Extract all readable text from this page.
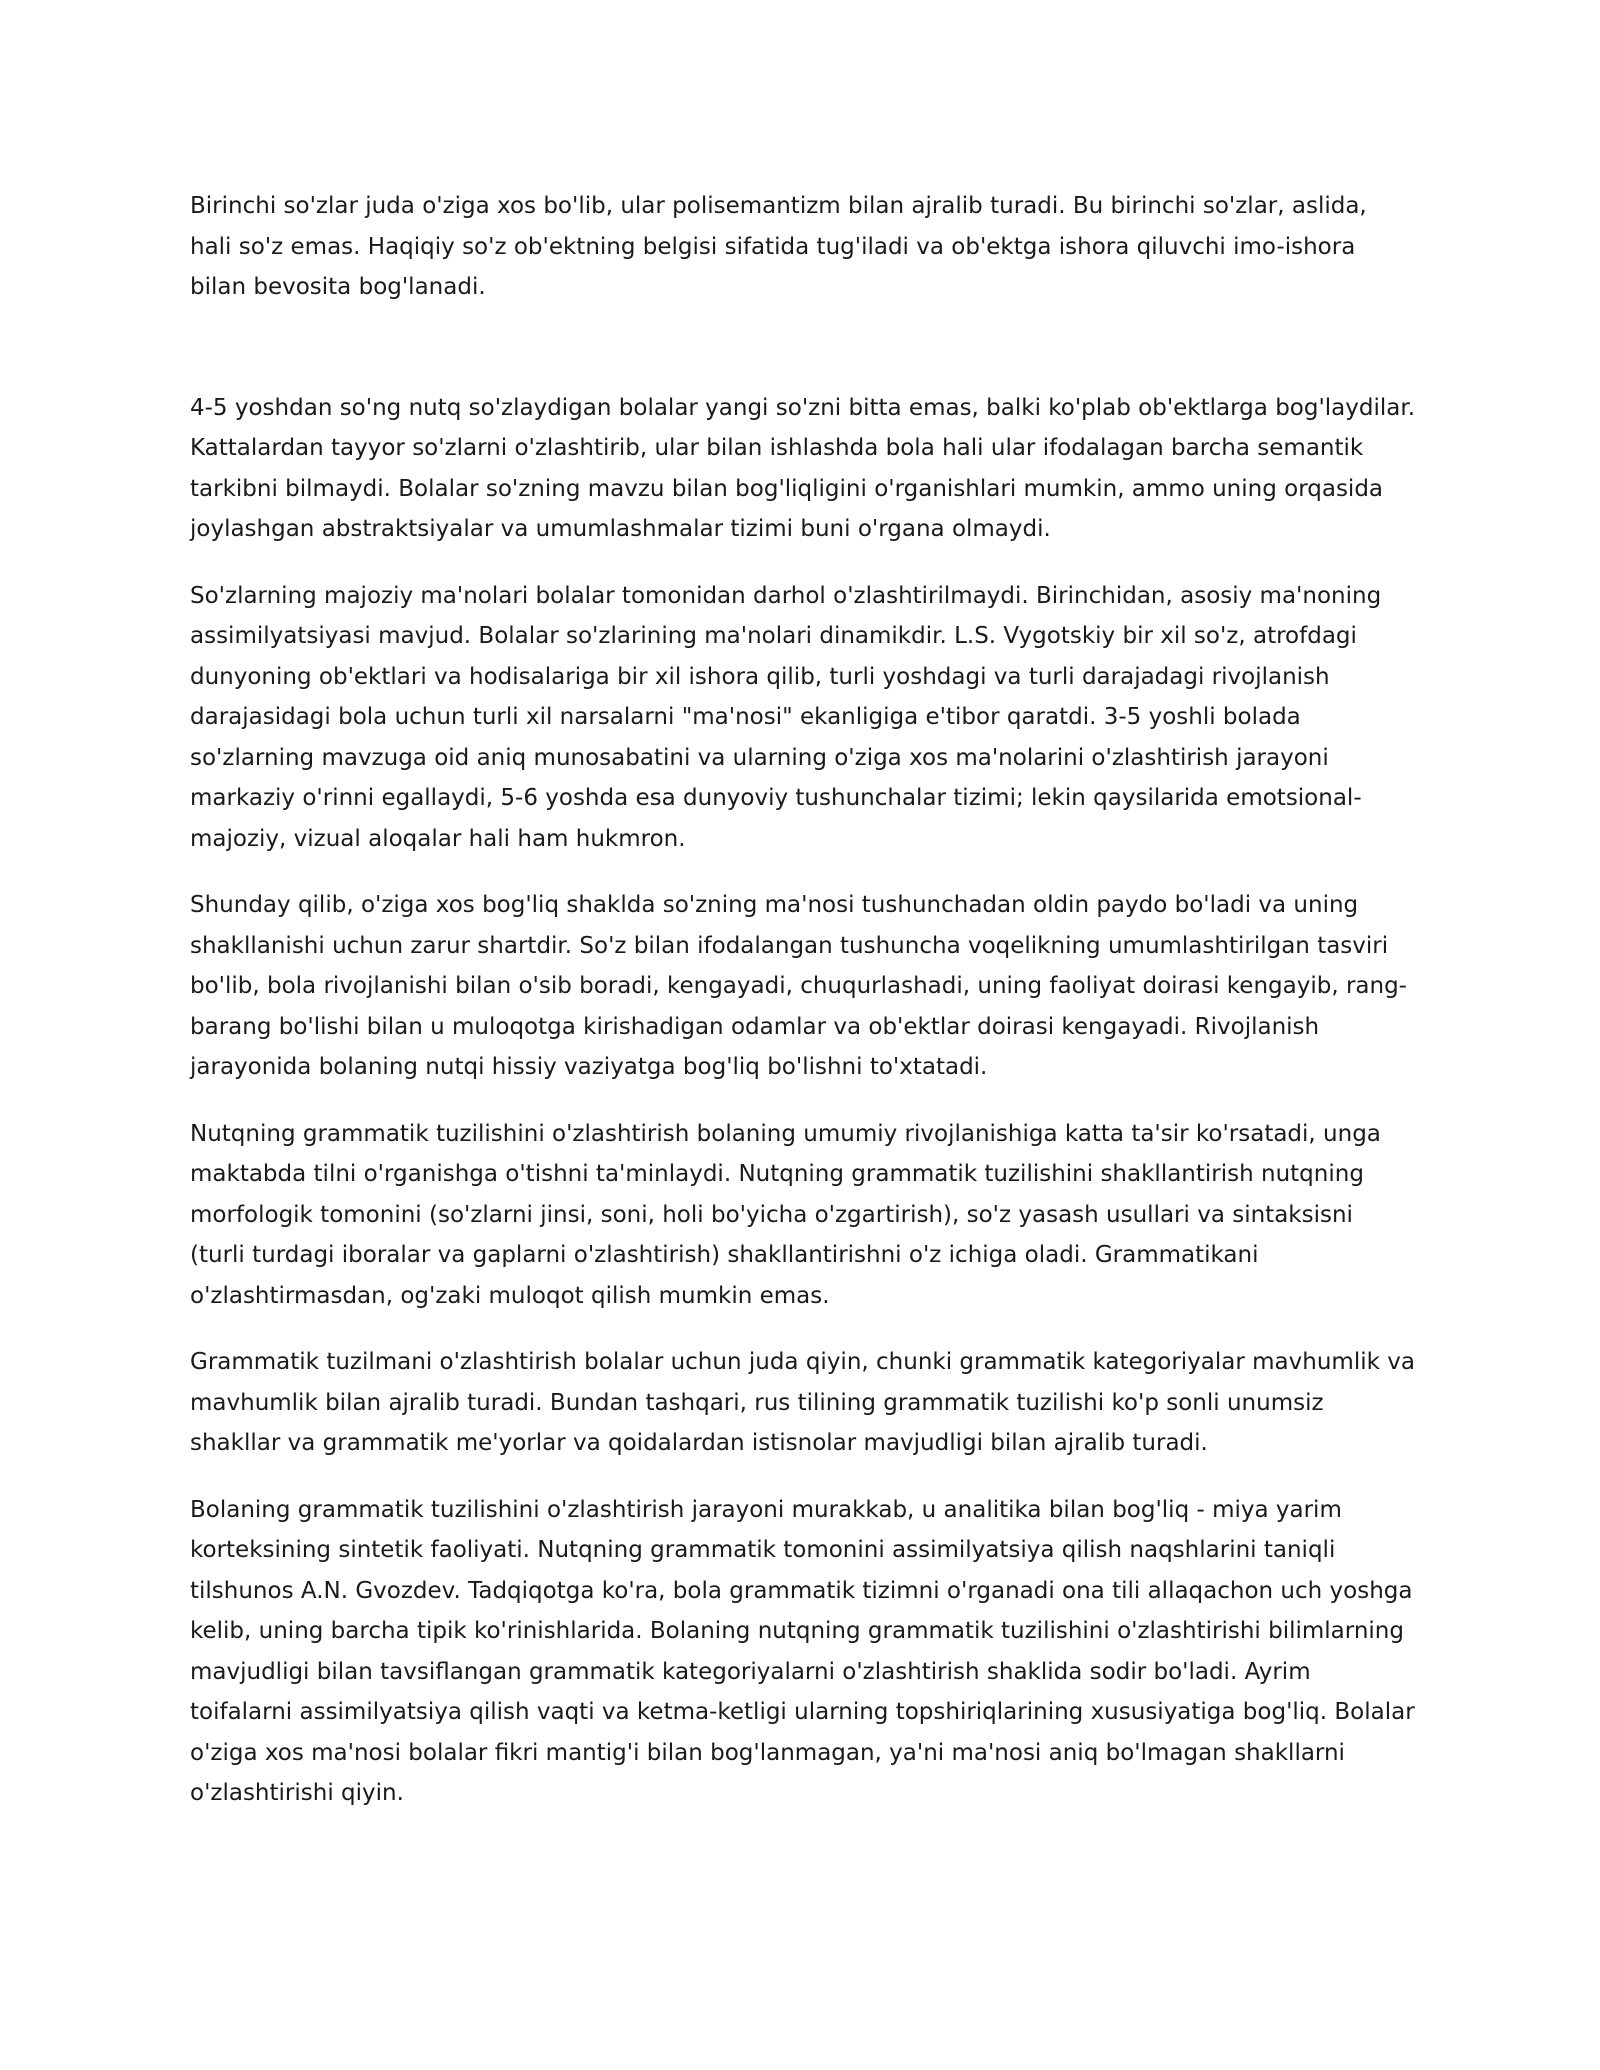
Birinchi so'zlar juda o'ziga xos bo'lib, ular polisemantizm bilan ajralib turadi. Bu birinchi so'zlar, aslida, hali so'z emas. Haqiqiy so'z ob'ektning belgisi sifatida tug'iladi va ob'ektga ishora qiluvchi imo-ishora bilan bevosita bog'lanadi.

4-5 yoshdan so'ng nutq so'zlaydigan bolalar yangi so'zni bitta emas, balki ko'plab ob'ektlarga bog'laydilar. Kattalardan tayyor so'zlarni o'zlashtirib, ular bilan ishlashda bola hali ular ifodalagan barcha semantik tarkibni bilmaydi. Bolalar so'zning mavzu bilan bog'liqligini o'rganishlari mumkin, ammo uning orqasida joylashgan abstraktsiyalar va umumlashmalar tizimi buni o'rgana olmaydi.

So'zlarning majoziy ma'nolari bolalar tomonidan darhol o'zlashtirilmaydi. Birinchidan, asosiy ma'noning assimilyatsiyasi mavjud. Bolalar so'zlarining ma'nolari dinamikdir. L.S. Vygotskiy bir xil so'z, atrofdagi dunyoning ob'ektlari va hodisalariga bir xil ishora qilib, turli yoshdagi va turli darajadagi rivojlanish darajasidagi bola uchun turli xil narsalarni "ma'nosi" ekanligiga e'tibor qaratdi. 3-5 yoshli bolada so'zlarning mavzuga oid aniq munosabatini va ularning o'ziga xos ma'nolarini o'zlashtirish jarayoni markaziy o'rinni egallaydi, 5-6 yoshda esa dunyoviy tushunchalar tizimi; lekin qaysilarida emotsional-majoziy, vizual aloqalar hali ham hukmron.

Shunday qilib, o'ziga xos bog'liq shaklda so'zning ma'nosi tushunchadan oldin paydo bo'ladi va uning shakllanishi uchun zarur shartdir. So'z bilan ifodalangan tushuncha voqelikning umumlashtirilgan tasviri bo'lib, bola rivojlanishi bilan o'sib boradi, kengayadi, chuqurlashadi, uning faoliyat doirasi kengayib, rang-barang bo'lishi bilan u muloqotga kirishadigan odamlar va ob'ektlar doirasi kengayadi. Rivojlanish jarayonida bolaning nutqi hissiy vaziyatga bog'liq bo'lishni to'xtatadi.

Nutqning grammatik tuzilishini o'zlashtirish bolaning umumiy rivojlanishiga katta ta'sir ko'rsatadi, unga maktabda tilni o'rganishga o'tishni ta'minlaydi. Nutqning grammatik tuzilishini shakllantirish nutqning morfologik tomonini (so'zlarni jinsi, soni, holi bo'yicha o'zgartirish), so'z yasash usullari va sintaksisni (turli turdagi iboralar va gaplarni o'zlashtirish) shakllantirishni o'z ichiga oladi. Grammatikani o'zlashtirmasdan, og'zaki muloqot qilish mumkin emas.

Grammatik tuzilmani o'zlashtirish bolalar uchun juda qiyin, chunki grammatik kategoriyalar mavhumlik va mavhumlik bilan ajralib turadi. Bundan tashqari, rus tilining grammatik tuzilishi ko'p sonli unumsiz shakllar va grammatik me'yorlar va qoidalardan istisnolar mavjudligi bilan ajralib turadi.

Bolaning grammatik tuzilishini o'zlashtirish jarayoni murakkab, u analitika bilan bog'liq - miya yarim korteksining sintetik faoliyati. Nutqning grammatik tomonini assimilyatsiya qilish naqshlarini taniqli tilshunos A.N. Gvozdev. Tadqiqotga ko'ra, bola grammatik tizimni o'rganadi ona tili allaqachon uch yoshga kelib, uning barcha tipik ko'rinishlarida. Bolaning nutqning grammatik tuzilishini o'zlashtirishi bilimlarning mavjudligi bilan tavsiflangan grammatik kategoriyalarni o'zlashtirish shaklida sodir bo'ladi. Ayrim toifalarni assimilyatsiya qilish vaqti va ketma-ketligi ularning topshiriqlarining xususiyatiga bog'liq. Bolalar o'ziga xos ma'nosi bolalar fikri mantig'i bilan bog'lanmagan, ya'ni ma'nosi aniq bo'lmagan shakllarni o'zlashtirishi qiyin.
